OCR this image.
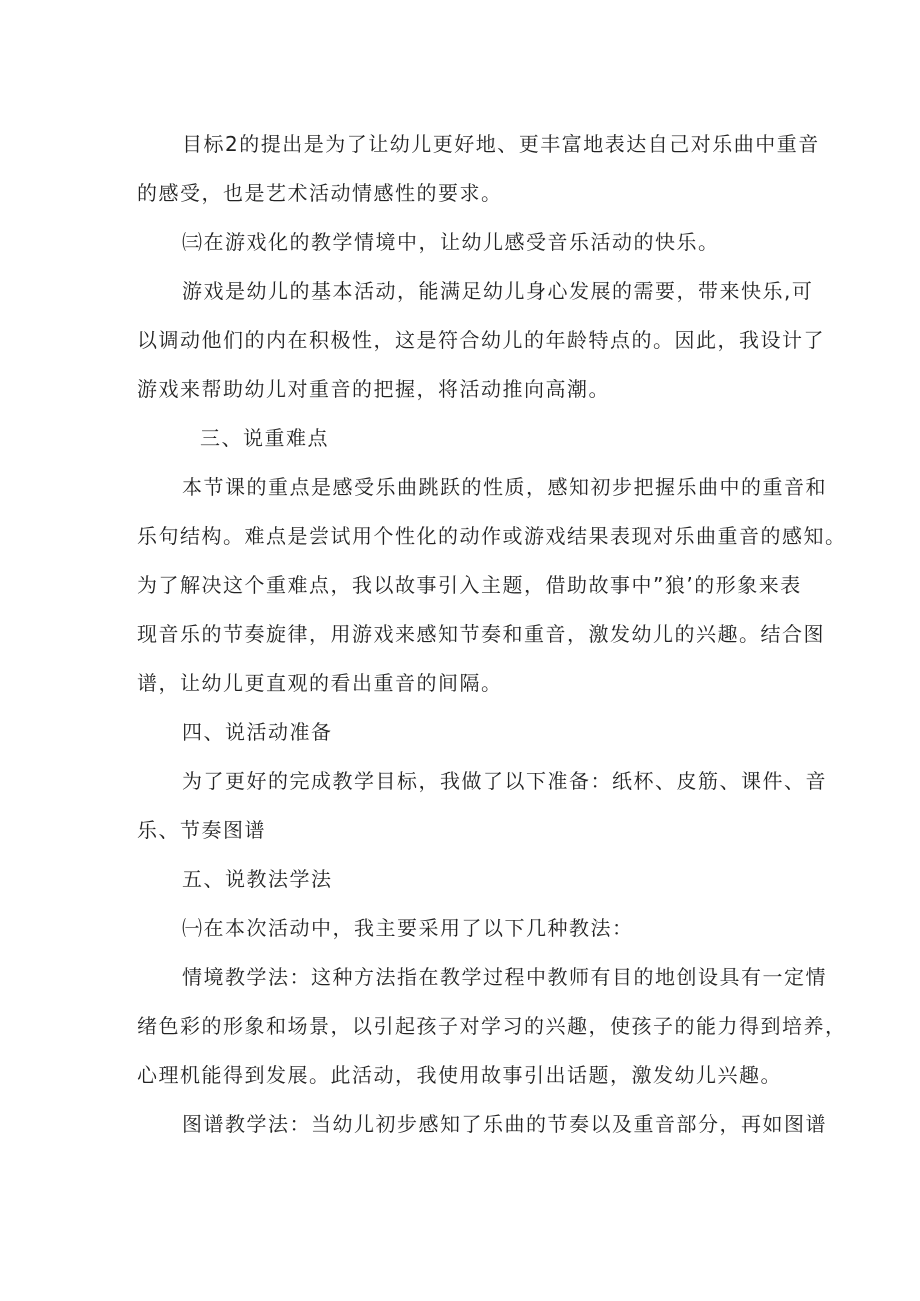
目标2的提出是为了让幼儿更好地、更丰富地表达自己对乐曲中重音

的感受，也是艺术活动情感性的要求。

㈢在游戏化的教学情境中，让幼儿感受音乐活动的快乐。

游戏是幼儿的基本活动，能满足幼儿身心发展的需要，带来快乐,可

以调动他们的内在积极性，这是符合幼儿的年龄特点的。因此，我设计了

游戏来帮助幼儿对重音的把握，将活动推向高潮。

三、说重难点

本节课的重点是感受乐曲跳跃的性质，感知初步把握乐曲中的重音和

乐句结构。难点是尝试用个性化的动作或游戏结果表现对乐曲重音的感知。

为了解决这个重难点，我以故事引入主题，借助故事中”狼’的形象来表

现音乐的节奏旋律，用游戏来感知节奏和重音，激发幼儿的兴趣。结合图

谱，让幼儿更直观的看出重音的间隔。

四、说活动准备

为了更好的完成教学目标，我做了以下准备：纸杯、皮筋、课件、音

乐、节奏图谱

五、说教法学法

㈠在本次活动中，我主要采用了以下几种教法：

情境教学法：这种方法指在教学过程中教师有目的地创设具有一定情

绪色彩的形象和场景，以引起孩子对学习的兴趣，使孩子的能力得到培养，

心理机能得到发展。此活动，我使用故事引出话题，激发幼儿兴趣。

图谱教学法：当幼儿初步感知了乐曲的节奏以及重音部分，再如图谱
